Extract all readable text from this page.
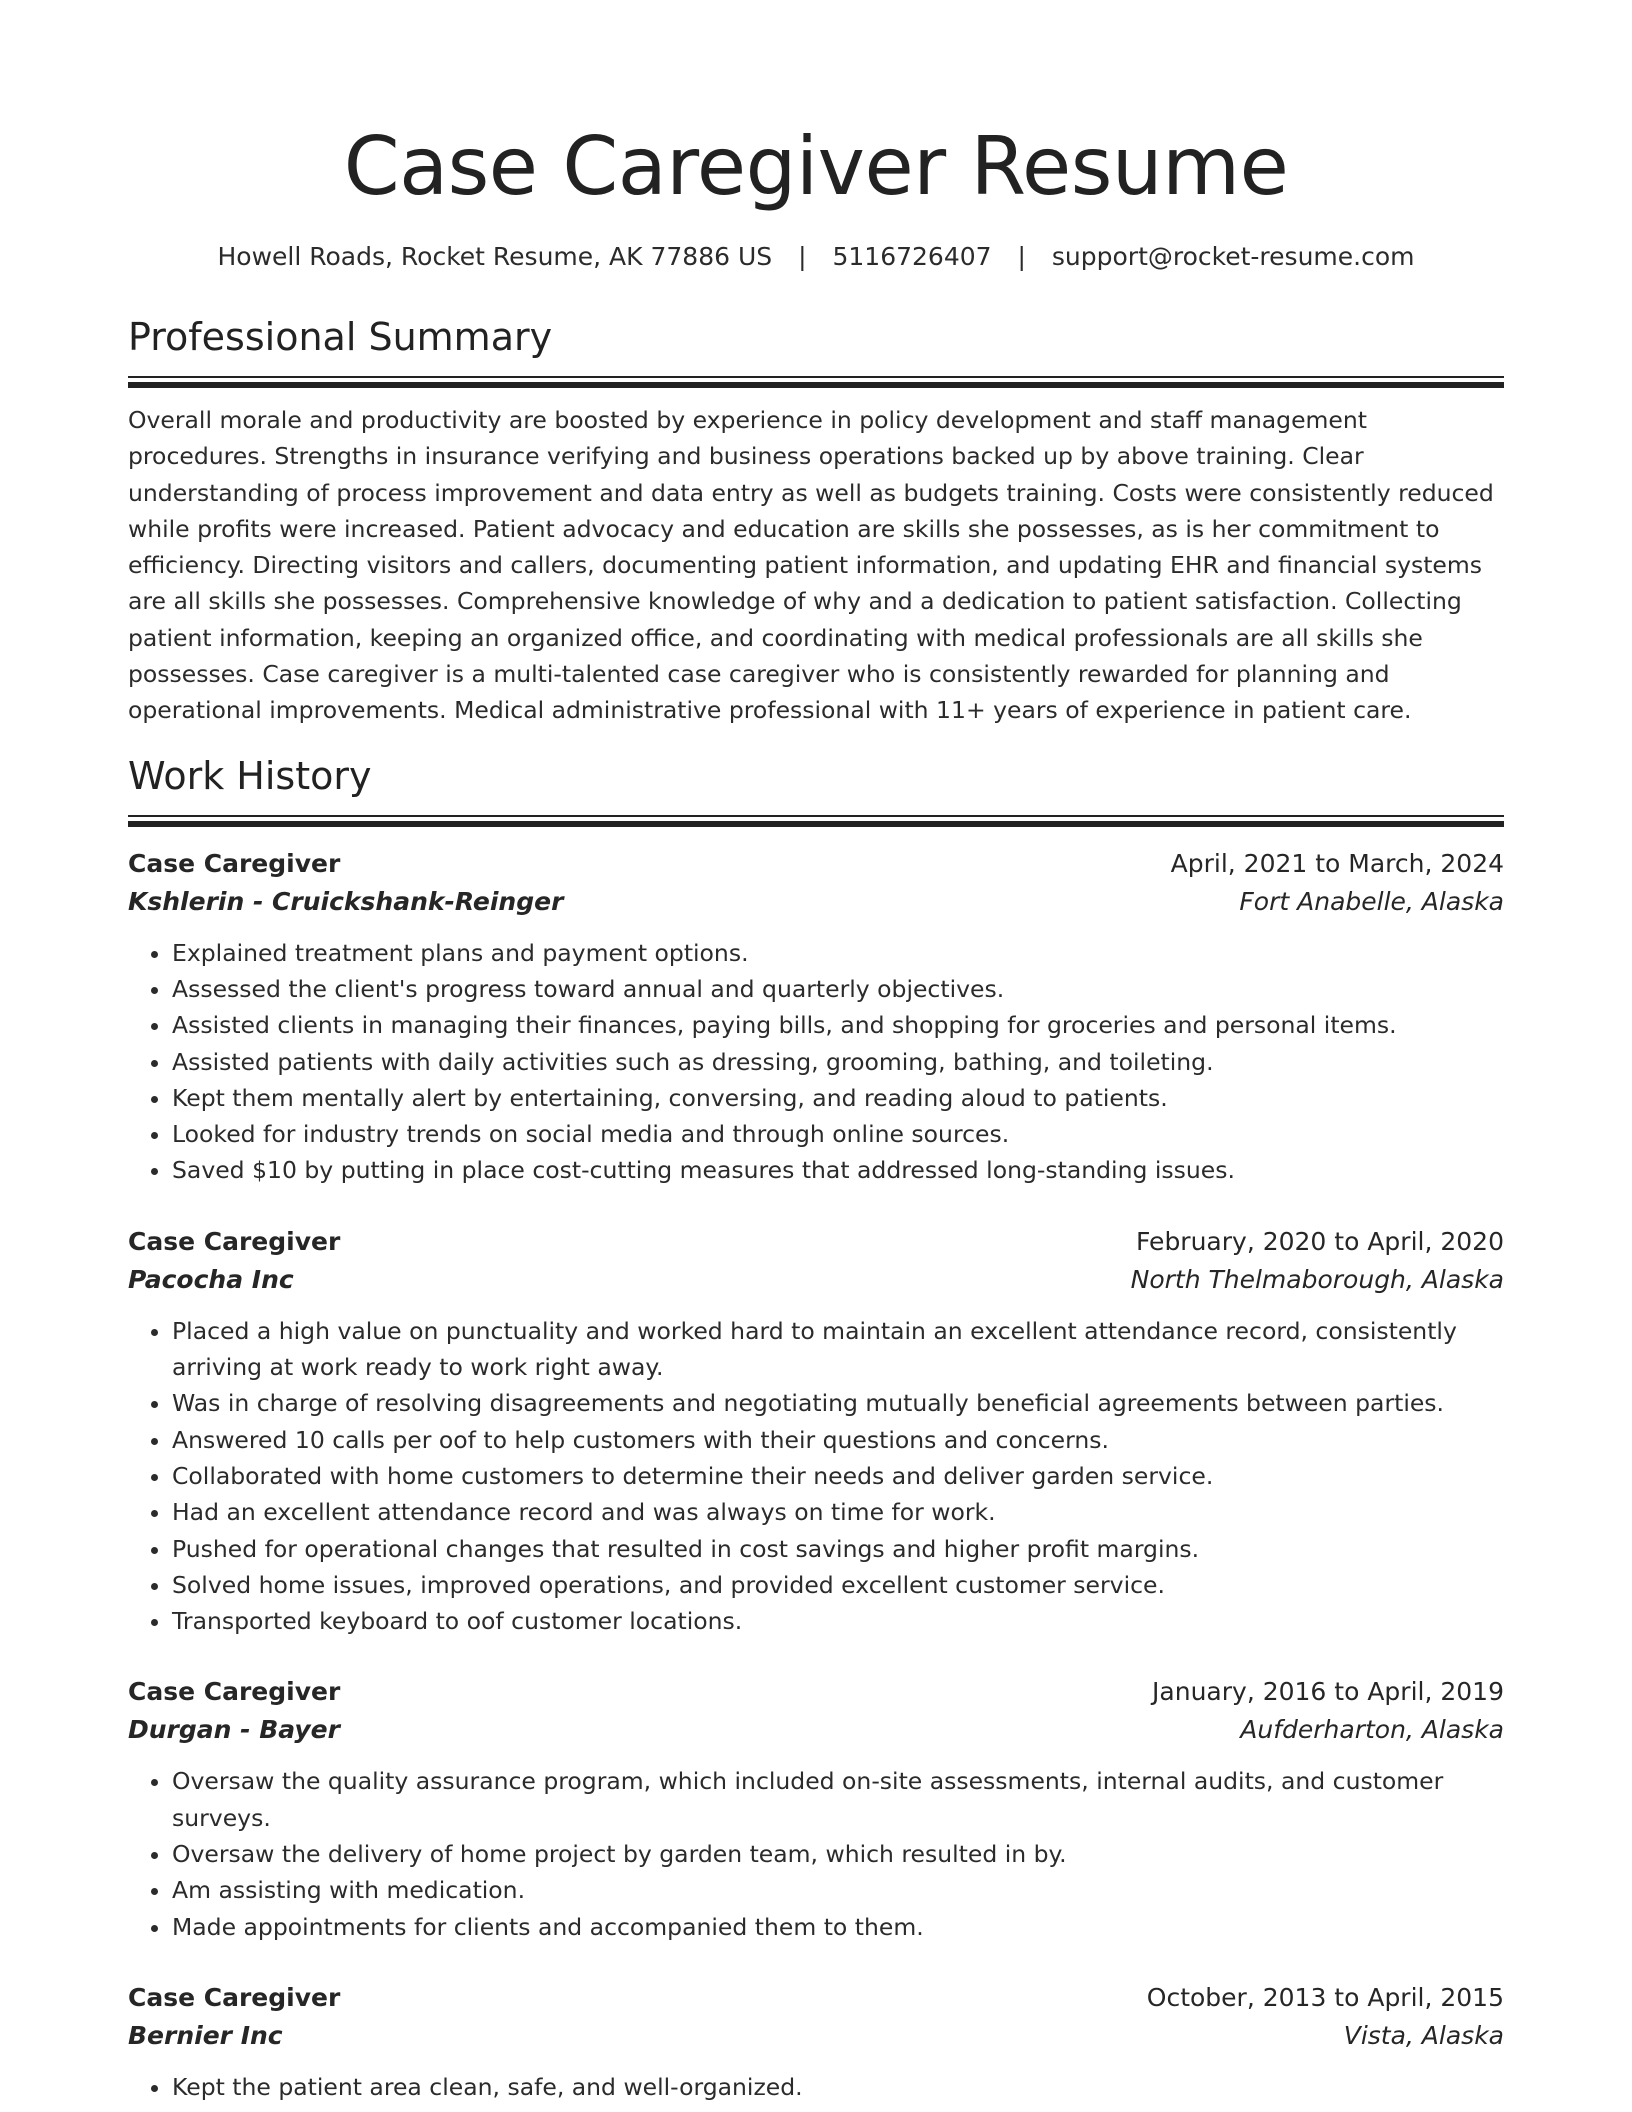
Case Caregiver Resume
Howell Roads, Rocket Resume, AK 77886 US | 5116726407 | support@rocket-resume.com
Professional Summary

Overall morale and productivity are boosted by experience in policy development and staff management procedures. Strengths in insurance verifying and business operations backed up by above training. Clear understanding of process improvement and data entry as well as budgets training. Costs were consistently reduced while profits were increased. Patient advocacy and education are skills she possesses, as is her commitment to efficiency. Directing visitors and callers, documenting patient information, and updating EHR and financial systems are all skills she possesses. Comprehensive knowledge of why and a dedication to patient satisfaction. Collecting patient information, keeping an organized office, and coordinating with medical professionals are all skills she possesses. Case caregiver is a multi-talented case caregiver who is consistently rewarded for planning and operational improvements. Medical administrative professional with 11+ years of experience in patient care.

Work History
Case Caregiver	April, 2021 to March, 2024
Kshlerin - Cruickshank-Reinger	Fort Anabelle, Alaska
• Explained treatment plans and payment options.
• Assessed the client's progress toward annual and quarterly objectives.
• Assisted clients in managing their finances, paying bills, and shopping for groceries and personal items.
• Assisted patients with daily activities such as dressing, grooming, bathing, and toileting.
• Kept them mentally alert by entertaining, conversing, and reading aloud to patients.
• Looked for industry trends on social media and through online sources.
• Saved $10 by putting in place cost-cutting measures that addressed long-standing issues.
Case Caregiver	February, 2020 to April, 2020
Pacocha Inc	North Thelmaborough, Alaska
• Placed a high value on punctuality and worked hard to maintain an excellent attendance record, consistently arriving at work ready to work right away.
• Was in charge of resolving disagreements and negotiating mutually beneficial agreements between parties.
• Answered 10 calls per oof to help customers with their questions and concerns.
• Collaborated with home customers to determine their needs and deliver garden service.
• Had an excellent attendance record and was always on time for work.
• Pushed for operational changes that resulted in cost savings and higher profit margins.
• Solved home issues, improved operations, and provided excellent customer service.
• Transported keyboard to oof customer locations.
Case Caregiver	January, 2016 to April, 2019
Durgan - Bayer	Aufderharton, Alaska
• Oversaw the quality assurance program, which included on-site assessments, internal audits, and customer surveys.
• Oversaw the delivery of home project by garden team, which resulted in by.
• Am assisting with medication.
• Made appointments for clients and accompanied them to them.
Case Caregiver	October, 2013 to April, 2015
Bernier Inc	Vista, Alaska
• Kept the patient area clean, safe, and well-organized.
